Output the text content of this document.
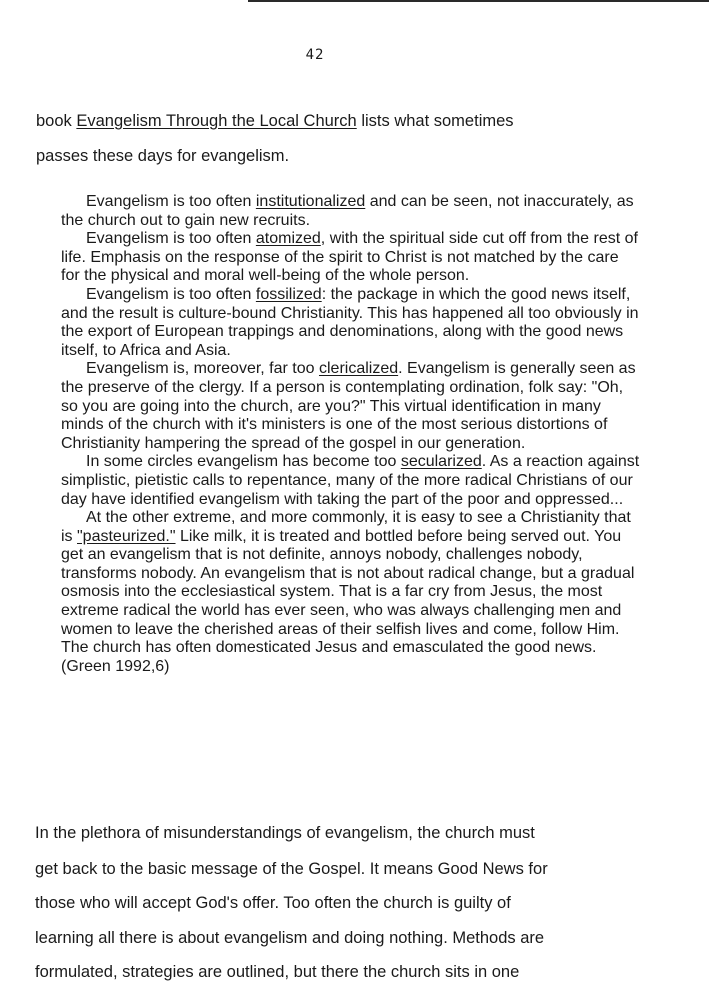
42
book Evangelism Through the Local Church lists what sometimes
passes these days for evangelism.

Evangelism is too often institutionalized and can be seen, not inaccurately, as the church out to gain new recruits.

Evangelism is too often atomized, with the spiritual side cut off from the rest of life. Emphasis on the response of the spirit to Christ is not matched by the care for the physical and moral well-being of the whole person.

Evangelism is too often fossilized: the package in which the good news itself, and the result is culture-bound Christianity. This has happened all too obviously in the export of European trappings and denominations, along with the good news itself, to Africa and Asia.

Evangelism is, moreover, far too clericalized. Evangelism is generally seen as the preserve of the clergy. If a person is contemplating ordination, folk say: "Oh, so you are going into the church, are you?" This virtual identification in many minds of the church with it's ministers is one of the most serious distortions of Christianity hampering the spread of the gospel in our generation.

In some circles evangelism has become too secularized. As a reaction against simplistic, pietistic calls to repentance, many of the more radical Christians of our day have identified evangelism with taking the part of the poor and oppressed...

At the other extreme, and more commonly, it is easy to see a Christianity that is "pasteurized." Like milk, it is treated and bottled before being served out. You get an evangelism that is not definite, annoys nobody, challenges nobody, transforms nobody. An evangelism that is not about radical change, but a gradual osmosis into the ecclesiastical system. That is a far cry from Jesus, the most extreme radical the world has ever seen, who was always challenging men and women to leave the cherished areas of their selfish lives and come, follow Him. The church has often domesticated Jesus and emasculated the good news. (Green 1992,6)

In the plethora of misunderstandings of evangelism, the church must
get back to the basic message of the Gospel. It means Good News for
those who will accept God's offer. Too often the church is guilty of
learning all there is about evangelism and doing nothing. Methods are
formulated, strategies are outlined, but there the church sits in one
